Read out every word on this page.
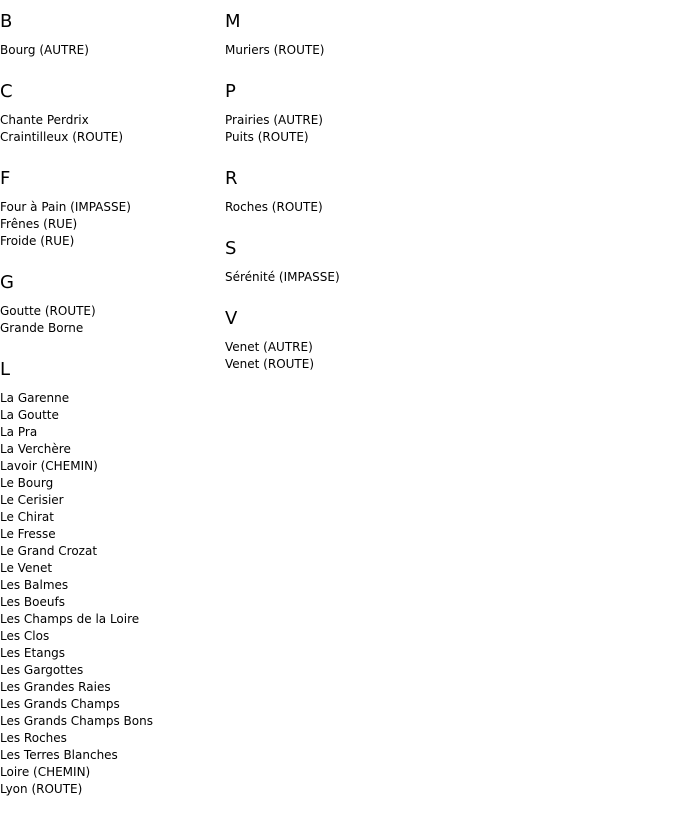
B
Bourg (AUTRE)
C
Chante Perdrix
Craintilleux (ROUTE)
F
Four à Pain (IMPASSE)
Frênes (RUE)
Froide (RUE)
G
Goutte (ROUTE)
Grande Borne
L
La Garenne
La Goutte
La Pra
La Verchère
Lavoir (CHEMIN)
Le Bourg
Le Cerisier
Le Chirat
Le Fresse
Le Grand Crozat
Le Venet
Les Balmes
Les Boeufs
Les Champs de la Loire
Les Clos
Les Etangs
Les Gargottes
Les Grandes Raies
Les Grands Champs
Les Grands Champs Bons
Les Roches
Les Terres Blanches
Loire (CHEMIN)
Lyon (ROUTE)
M
Muriers (ROUTE)
P
Prairies (AUTRE)
Puits (ROUTE)
R
Roches (ROUTE)
S
Sérénité (IMPASSE)
V
Venet (AUTRE)
Venet (ROUTE)
